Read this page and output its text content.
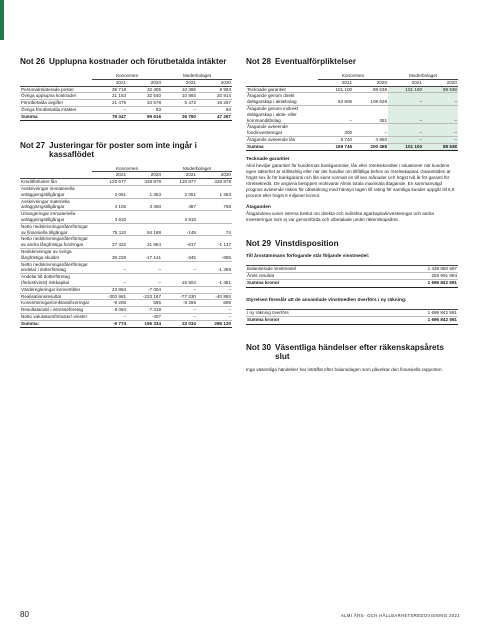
Not 26 Upplupna kostnader och förutbetalda intäkter
	Koncernen		Moderbolaget	
	2021	2020	2021	2020
Personalrelaterade poster	36 719	32 405	10 395	8 993
Övriga upplupna kostnader	21 153	32 540	10 893	20 914
Förutbetalda avgifter	21 475	34 578	5 472	19 267
Övriga förutbetalda intäkter	–	93	–	93
Summa	79 347	99 616	26 760	47 267
Not 27 Justeringar för poster som inte ingår i kassaflödet
	Koncernen		Moderbolaget	
	2021	2020	2021	2020
Kreditförluster lån	120 677	328 878	120 677	328 878
Avskrivningar immateriella anläggningstillgångar	2 051	1 353	2 051	1 353
Avskrivningar materiella anläggningstillgångar	4 106	3 490	487	766
Utrangeringar immateriella anläggningstillgångar	3 910		3 910	
Netto nedskrivningar/återföringar av finansiella tillgångar	75 110	94 188	-149	74
Netto nedskrivningar/återföringar av andra långfristiga fordringar	27 422	21 854	-617	-1 137
Nedskrivningar av övriga långfristiga skulder	38 229	-17 141	-345	-659
Netto nedskrivningar/återföringar andelar i dotterföretag	–	–	–	-1 369
Andelar till dotterföretag (förlust/vinst) riskkapital	–	–	-16 504	-1 481
Värderegleringar konvertibler	23 884	-7 004	–	–
Realisationsresultat	-303 981	-223 167	-77 230	-40 893
Konverteringar/omklassificeringar	-9 266	596	-9 266	596
Resultatandel i intresseföretag	8 084	-7 318	–	–
Netto valutakursförluster/-vinster	–	-407	–	–
Summa:	-9 774	195 334	23 034	286 130
Not 28 Eventualförpliktelser
	Koncernen		Moderbolaget	
	2021	2020	2021	2020
Tecknade garantier	101 100	88 638	101 100	88 638
Åtagande genom direkt delägarskap i aktiebolag	62 805	108 629	–	–
Åtagande genom indirekt delägarskap i aktie- eller kommanditbolag	–	351	–	–
Åtagande avseende fondinvesteringar	300	–	–	–
Åtagande avseende lån	5 740	4 850	–	–
Summa	169 745	200 468	101 100	88 638
Tecknade garantier

Almi beviljar garantier för kundernas bankgarantier, lån eller rörelsekrediter i situationer när kundens egen säkerhet är otillräcklig eller när det handlar om tillfälliga behov av rörelsekapital. Garantitiden är högst sex år för bankgaranti och lån samt normalt en till sex månader och högst två år för garanti för rörelsekredit. De angivna beloppen motsvarar Almis totala maximala åtagande. En sammanvägd prognos avseende risken för utbetalning med hänsyn tagen till rating för samtliga kunder uppgår till 5,9 procent eller högst 6 miljoner kronor.

Åtaganden

Åtagandena avser interna beslut om direkta och indirekta ägarkapitalinvesteringar och andra investeringar som ej var genomförda och utbetalade under räkenskapsåret.

Not 29 Vinstdisposition
Till årsstämmans förfogande står följande vinstmedel:
Balanserade vinstmedel	1 439 850 697
Årets resultat	256 991 894
Summa kronor	1 696 842 591
Styrelsen föreslår att de ansamlade vinstmedlen överförs i ny räkning:
I ny räkning överförs	1 696 842 591
Summa kronor	1 696 842 591
Not 30 Väsentliga händelser efter räkenskapsårets slut

Inga väsentliga händelser har inträffat efter balansdagen som påverkar den finansiella rapporten.

80	ALMI ÅRS- OCH HÅLLBARHETSREDOVISNING 2021
